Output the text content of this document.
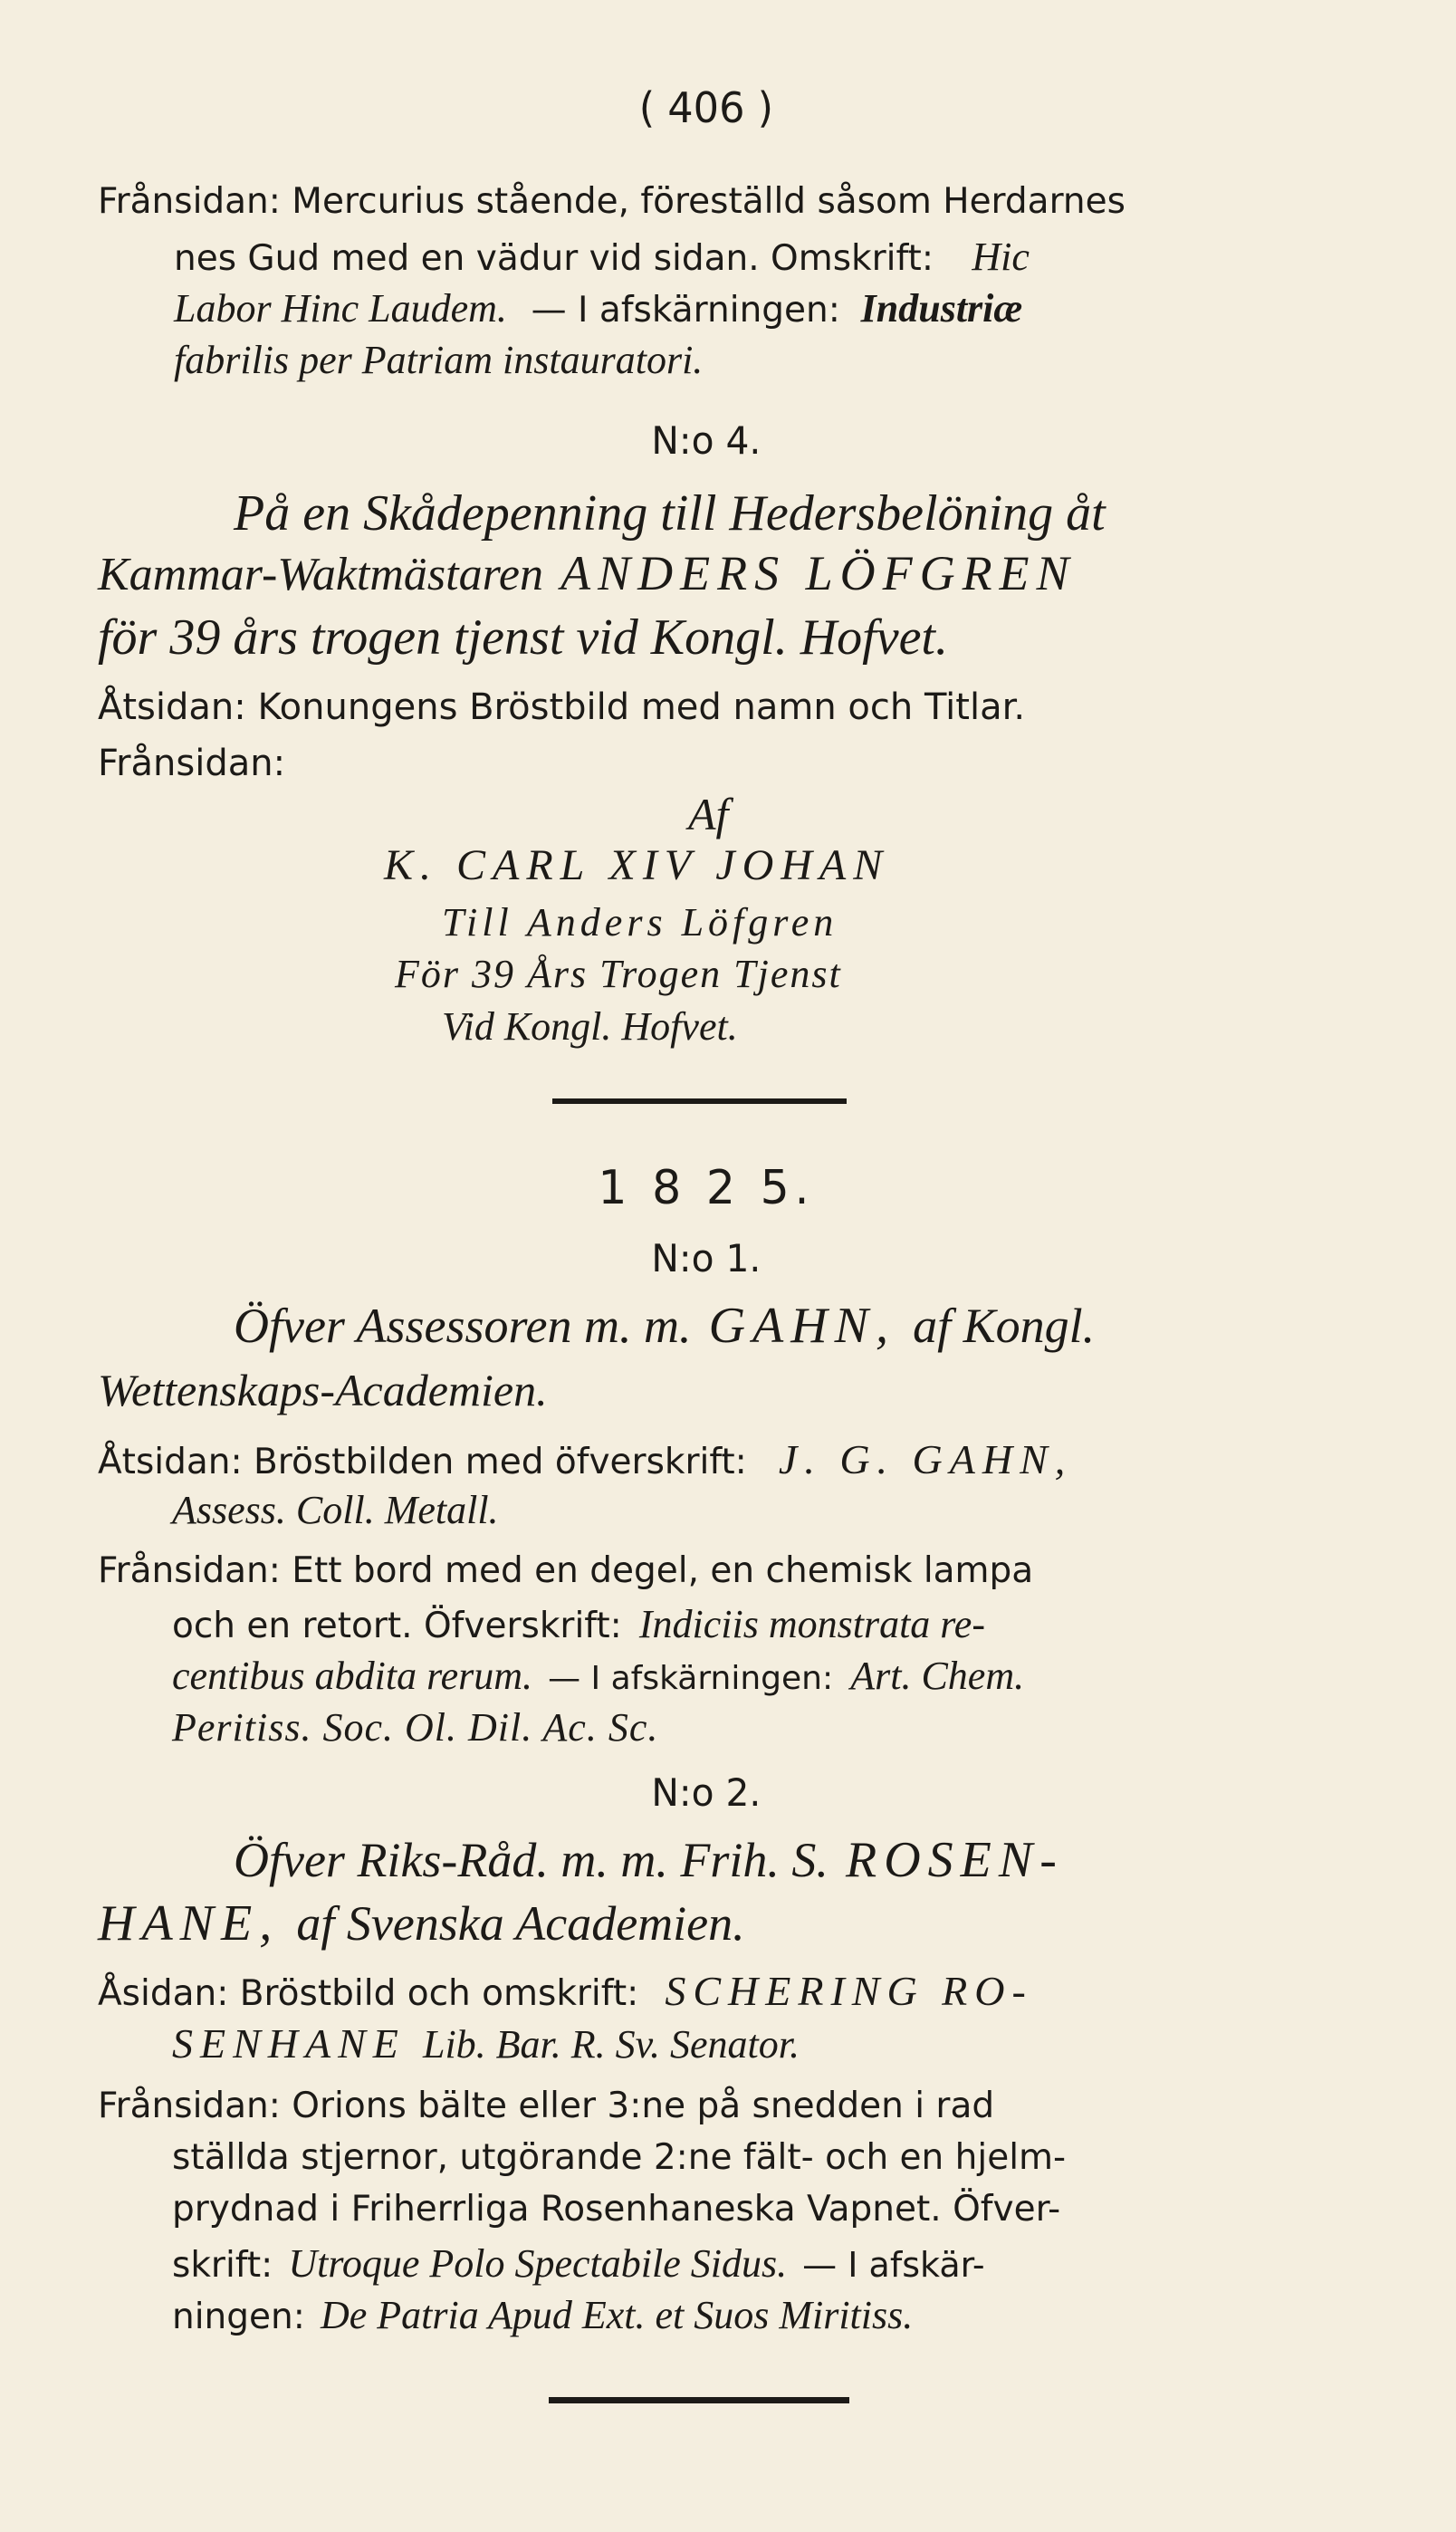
( 406 )
Frånsidan: Mercurius stående, föreställd såsom Herdarnes
nes Gud med en vädur vid sidan. Omskrift: Hic
Labor Hinc Laudem. — I afskärningen: Industriæ
fabrilis per Patriam instauratori.
N:o 4.
På en Skådepenning till Hedersbelöning åt
Kammar-Waktmästaren ANDERS LÖFGREN
för 39 års trogen tjenst vid Kongl. Hofvet.
Åtsidan: Konungens Bröstbild med namn och Titlar.
Frånsidan:
Af
K. CARL XIV JOHAN
Till Anders Löfgren
För 39 Års Trogen Tjenst
Vid Kongl. Hofvet.
1 8 2 5.
N:o 1.
Öfver Assessoren m. m. GAHN, af Kongl.
Wettenskaps-Academien.
Åtsidan: Bröstbilden med öfverskrift: J. G. GAHN,
Assess. Coll. Metall.
Frånsidan: Ett bord med en degel, en chemisk lampa
och en retort. Öfverskrift: Indiciis monstrata re-
centibus abdita rerum. — I afskärningen: Art. Chem.
Peritiss. Soc. Ol. Dil. Ac. Sc.
N:o 2.
Öfver Riks-Råd. m. m. Frih. S. ROSEN-
HANE, af Svenska Academien.
Åsidan: Bröstbild och omskrift: SCHERING RO-
SENHANE Lib. Bar. R. Sv. Senator.
Frånsidan: Orions bälte eller 3:ne på snedden i rad
ställda stjernor, utgörande 2:ne fält- och en hjelm-
prydnad i Friherrliga Rosenhaneska Vapnet. Öfver-
skrift: Utroque Polo Spectabile Sidus. — I afskär-
ningen: De Patria Apud Ext. et Suos Miritiss.
